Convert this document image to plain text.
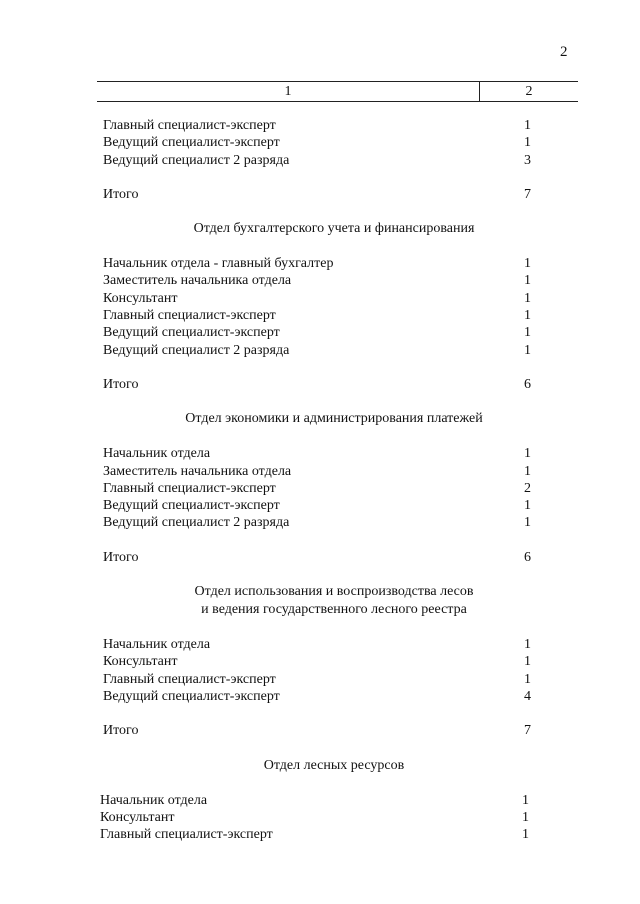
2
1	2
Главный специалист-эксперт	1
Ведущий специалист-эксперт	1
Ведущий специалист 2 разряда	3
Итого	7
Отдел бухгалтерского учета и финансирования
Начальник отдела - главный бухгалтер	1
Заместитель начальника отдела	1
Консультант	1
Главный специалист-эксперт	1
Ведущий специалист-эксперт	1
Ведущий специалист 2 разряда	1
Итого	6
Отдел экономики и администрирования платежей
Начальник отдела	1
Заместитель начальника отдела	1
Главный специалист-эксперт	2
Ведущий специалист-эксперт	1
Ведущий специалист 2 разряда	1
Итого	6
Отдел использования и воспроизводства лесов
и ведения государственного лесного реестра
Начальник отдела	1
Консультант	1
Главный специалист-эксперт	1
Ведущий специалист-эксперт	4
Итого	7
Отдел лесных ресурсов
Начальник отдела	1
Консультант	1
Главный специалист-эксперт	1
